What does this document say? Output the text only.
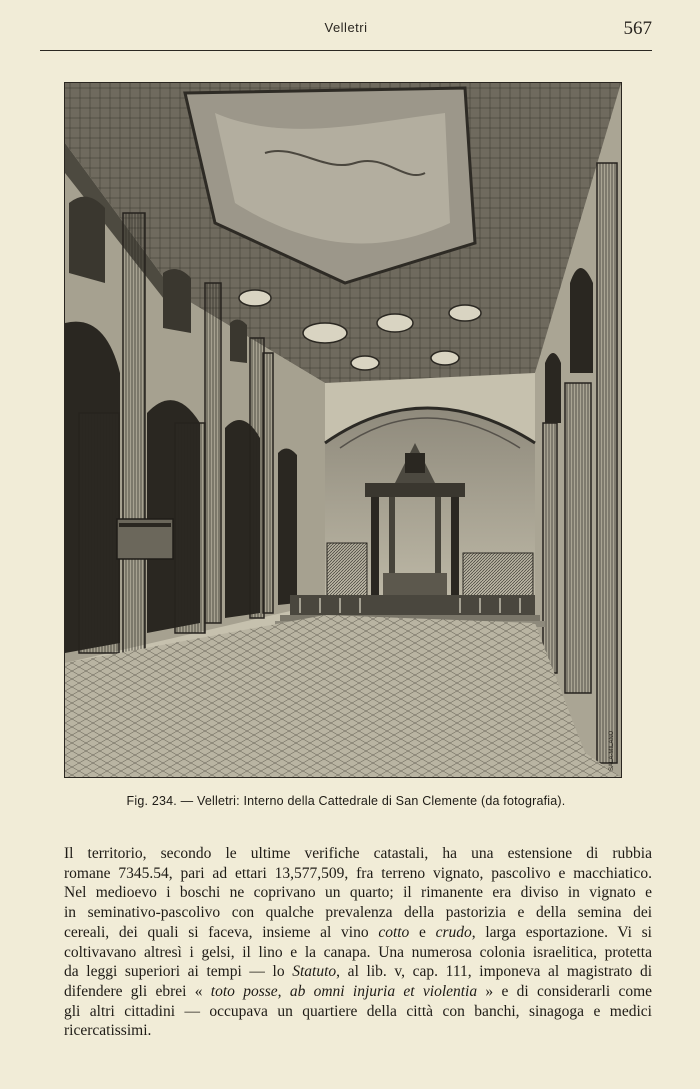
Velletri	567
SALA-MILANO
Fig. 234. — Velletri: Interno della Cattedrale di San Clemente (da fotografia).
Il territorio, secondo le ultime verifiche catastali, ha una estensione di rubbia
romane 7345.54, pari ad ettari 13,577,509, fra terreno vignato, pascolivo e macchiatico.
Nel medioevo i boschi ne coprivano un quarto; il rimanente era diviso in vignato e
in seminativo-pascolivo con qualche prevalenza della pastorizia e della semina dei
cereali, dei quali si faceva, insieme al vino cotto e crudo, larga esportazione. Vi si
coltivavano altresì i gelsi, il lino e la canapa. Una numerosa colonia israelitica, protetta
da leggi superiori ai tempi — lo Statuto, al lib. v, cap. 111, imponeva al magistrato di
difendere gli ebrei « toto posse, ab omni injuria et violentia » e di considerarli come
gli altri cittadini — occupava un quartiere della città con banchi, sinagoga e medici
ricercatissimi.
